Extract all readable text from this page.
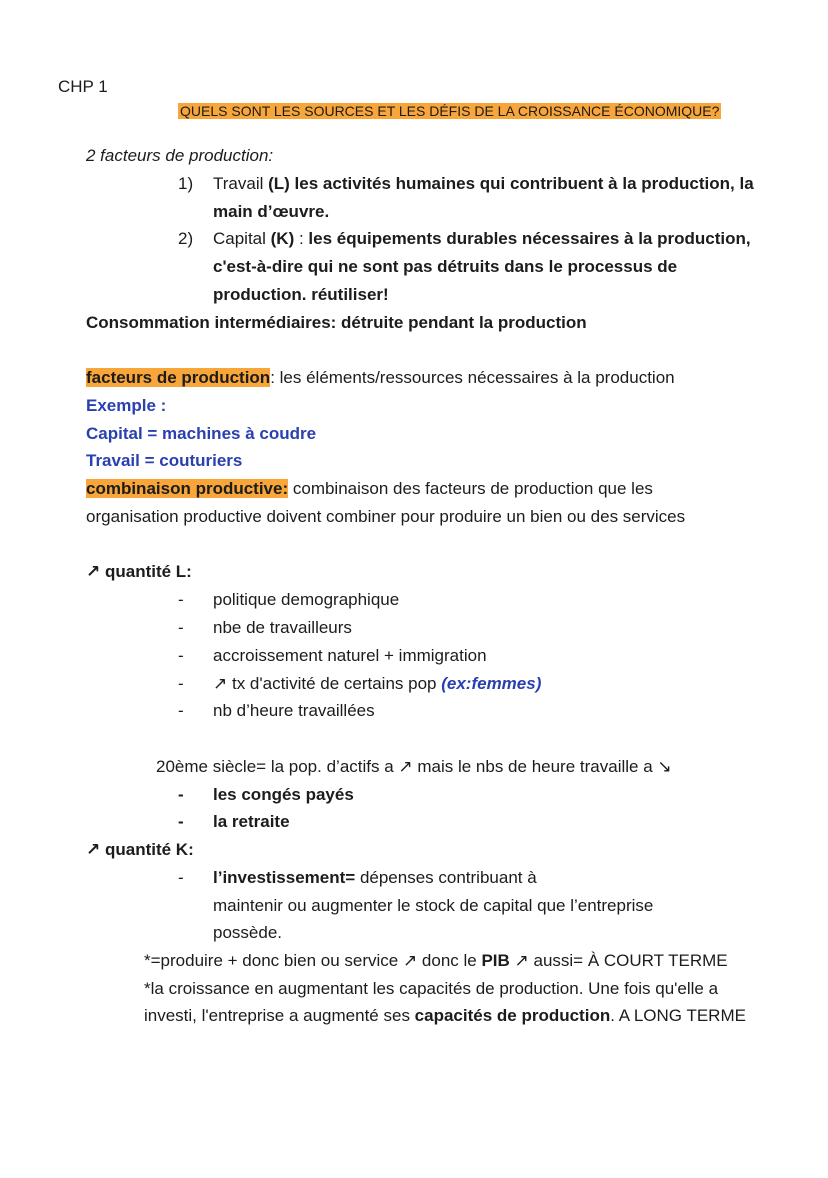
CHP 1
QUELS SONT LES SOURCES ET LES DÉFIS DE LA CROISSANCE ÉCONOMIQUE?
2 facteurs de production:
1) Travail (L) les activités humaines qui contribuent à la production, la
main d’œuvre.
2) Capital (K) : les équipements durables nécessaires à la production,
c'est-à-dire qui ne sont pas détruits dans le processus de
production. réutiliser!
Consommation intermédiaires: détruite pendant la production
facteurs de production: les éléments/ressources nécessaires à la production
Exemple :
Capital = machines à coudre
Travail = couturiers
combinaison productive: combinaison des facteurs de production que les
organisation productive doivent combiner pour produire un bien ou des services
↗ quantité L:
- politique demographique
- nbe de travailleurs
- accroissement naturel + immigration
- ↗ tx d'activité de certains pop (ex:femmes)
- nb d’heure travaillées
20ème siècle= la pop. d’actifs a ↗ mais le nbs de heure travaille a ↘
- les congés payés
- la retraite
↗ quantité K:
- l’investissement= dépenses contribuant à
maintenir ou augmenter le stock de capital que l’entreprise
possède.
*=produire + donc bien ou service ↗ donc le PIB ↗ aussi= À COURT TERME
*la croissance en augmentant les capacités de production. Une fois qu'elle a
investi, l'entreprise a augmenté ses capacités de production. A LONG TERME
